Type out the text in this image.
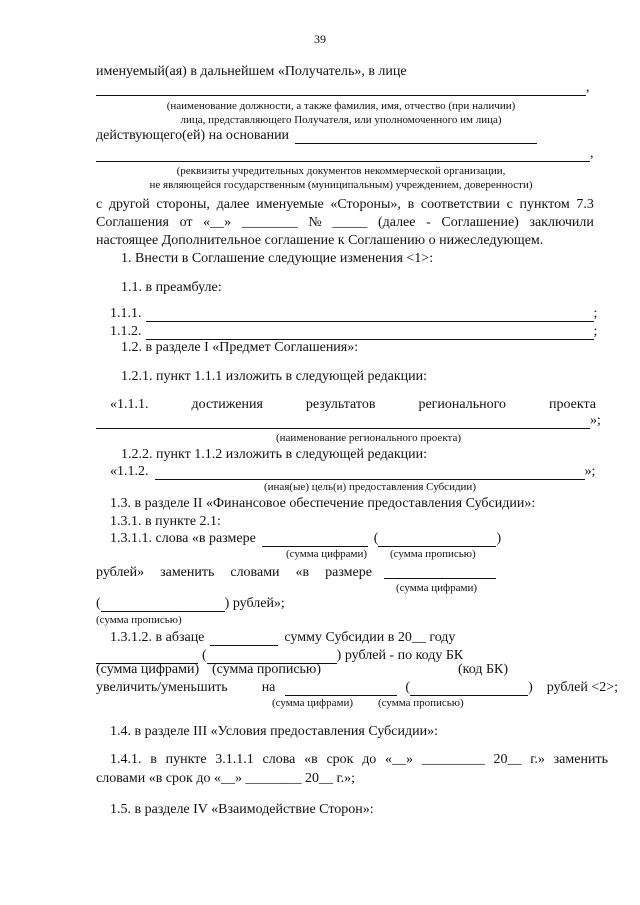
39
именуемый(ая) в дальнейшем «Получатель», в лице
,
(наименование должности, а также фамилия, имя, отчество (при наличии)
лица, представляющего Получателя, или уполномоченного им лица)
действующего(ей) на основании
,
(реквизиты учредительных документов некоммерческой организации,
не являющейся государственным (муниципальным) учреждением, доверенности)
с другой стороны, далее именуемые «Стороны», в соответствии с пунктом 7.3
Соглашения от «__» ________ № _____ (далее - Соглашение) заключили
настоящее Дополнительное соглашение к Соглашению о нижеследующем.
1. Внести в Соглашение следующие изменения <1>:
1.1. в преамбуле:
1.1.1.	;
1.1.2.	;
1.2. в разделе I «Предмет Соглашения»:
1.2.1. пункт 1.1.1 изложить в следующей редакции:
«1.1.1.	достижения	результатов	регионального	проекта
»;
(наименование регионального проекта)
1.2.2. пункт 1.1.2 изложить в следующей редакции:
«1.1.2.	»;
(иная(ые) цель(и) предоставления Субсидии)
1.3. в разделе II «Финансовое обеспечение предоставления Субсидии»:
1.3.1. в пункте 2.1:
1.3.1.1. слова «в размере	(	)
(сумма цифрами) (сумма прописью)
рублей» заменить словами «в размере
(сумма цифрами)
(	) рублей»;
(сумма прописью)
1.3.1.2. в абзаце	сумму Субсидии в 20__ году
(	) рублей - по коду БК
(сумма цифрами) (сумма прописью)	(код БК)
увеличить/уменьшить на	(	) рублей <2>;
(сумма цифрами) (сумма прописью)
1.4. в разделе III «Условия предоставления Субсидии»:
1.4.1. в пункте 3.1.1.1 слова «в срок до «__» _________ 20__ г.» заменить
словами «в срок до «__» ________ 20__ г.»;
1.5. в разделе IV «Взаимодействие Сторон»:
